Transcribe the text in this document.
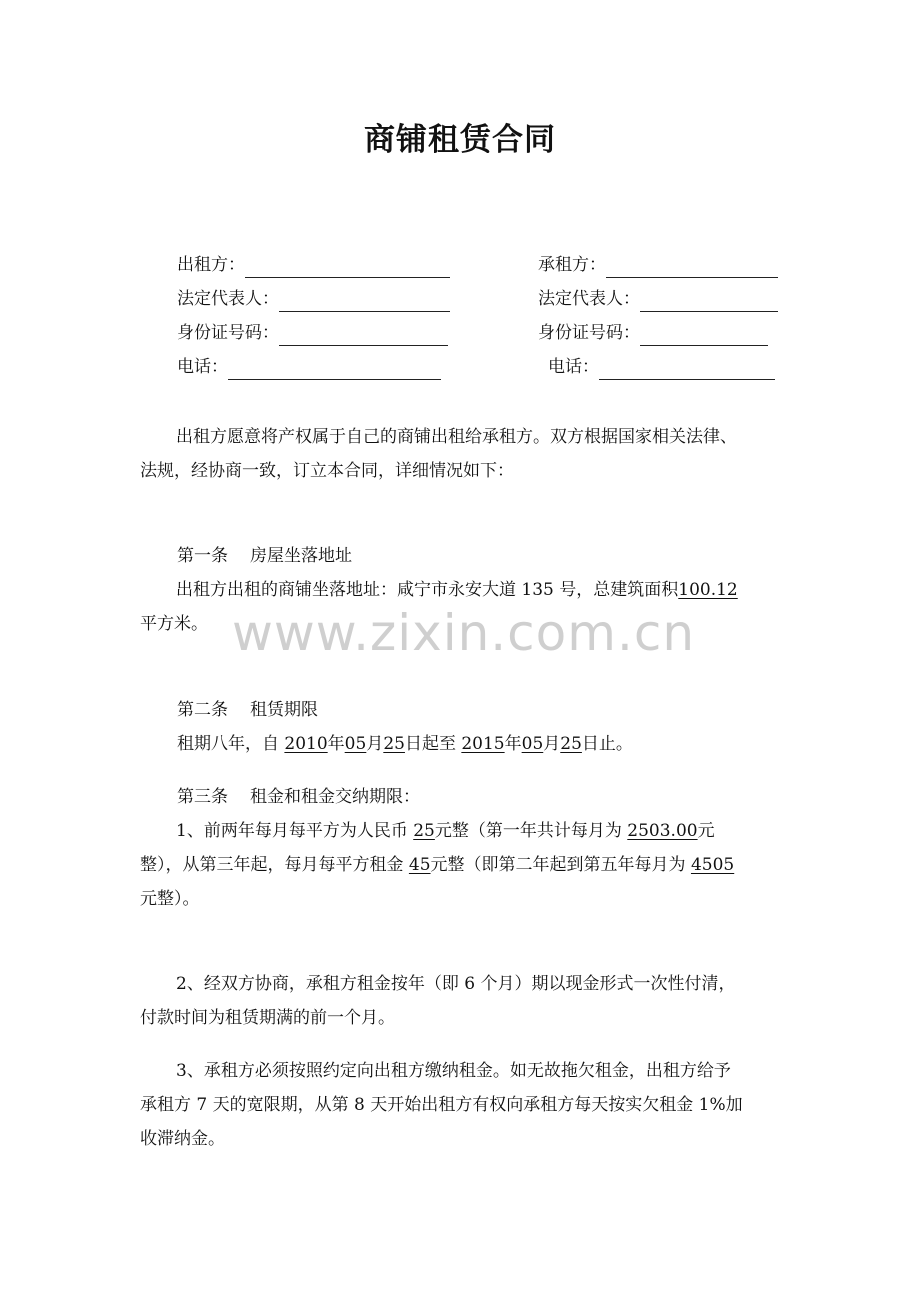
商铺租赁合同
出租方：
法定代表人：
身份证号码：
电话：
承租方：
法定代表人：
身份证号码：
电话：
出租方愿意将产权属于自己的商铺出租给承租方。双方根据国家相关法律、
法规，经协商一致，订立本合同，详细情况如下：
第一条 房屋坐落地址
出租方出租的商铺坐落地址：咸宁市永安大道 135 号，总建筑面积100.12
平方米。 www.zixin.com.cn
第二条 租赁期限
租期八年，自 2010年05月25日起至 2015年05月25日止。
第三条 租金和租金交纳期限：
1、前两年每月每平方为人民币 25元整（第一年共计每月为 2503.00元
整），从第三年起，每月每平方租金 45元整（即第二年起到第五年每月为 4505
元整）。
2、经双方协商，承租方租金按年（即 6 个月）期以现金形式一次性付清，
付款时间为租赁期满的前一个月。
3、承租方必须按照约定向出租方缴纳租金。如无故拖欠租金，出租方给予
承租方 7 天的宽限期，从第 8 天开始出租方有权向承租方每天按实欠租金 1%加
收滞纳金。
